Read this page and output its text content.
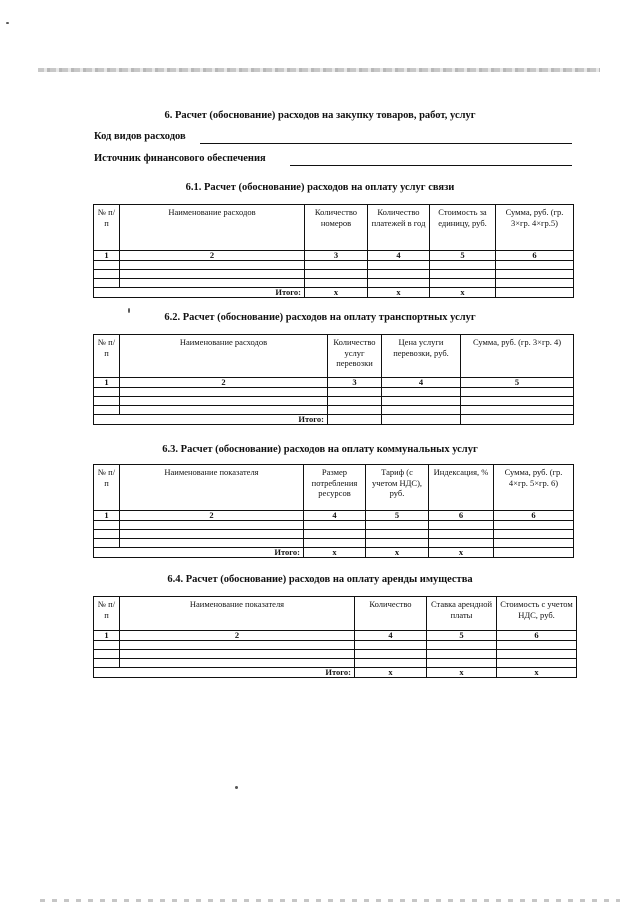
6. Расчет (обоснование) расходов на закупку товаров, работ, услуг
Код видов расходов
Источник финансового обеспечения
6.1. Расчет (обоснование) расходов на оплату услуг связи
№ п/п	Наименование расходов	Количество номеров	Количество платежей в год	Стоимость за единицу, руб.	Сумма, руб. (гр. 3×гр. 4×гр.5)
1	2	3	4	5	6

Итого:		х	х	х	
6.2. Расчет (обоснование) расходов на оплату транспортных услуг
№ п/п	Наименование расходов	Количество услуг перевозки	Цена услуги перевозки, руб.	Сумма, руб. (гр. 3×гр. 4)
1	2	3	4	5

Итого:				
6.3. Расчет (обоснование) расходов на оплату коммунальных услуг
№ п/п	Наименование показателя	Размер потребления ресурсов	Тариф (с учетом НДС), руб.	Индексация, %	Сумма, руб. (гр. 4×гр. 5×гр. 6)
1	2	4	5	6	6

Итого:		х	х	х	
6.4. Расчет (обоснование) расходов на оплату аренды имущества
№ п/п	Наименование показателя	Количество	Ставка арендной платы	Стоимость с учетом НДС, руб.
1	2	4	5	6

Итого:		х	х	х
